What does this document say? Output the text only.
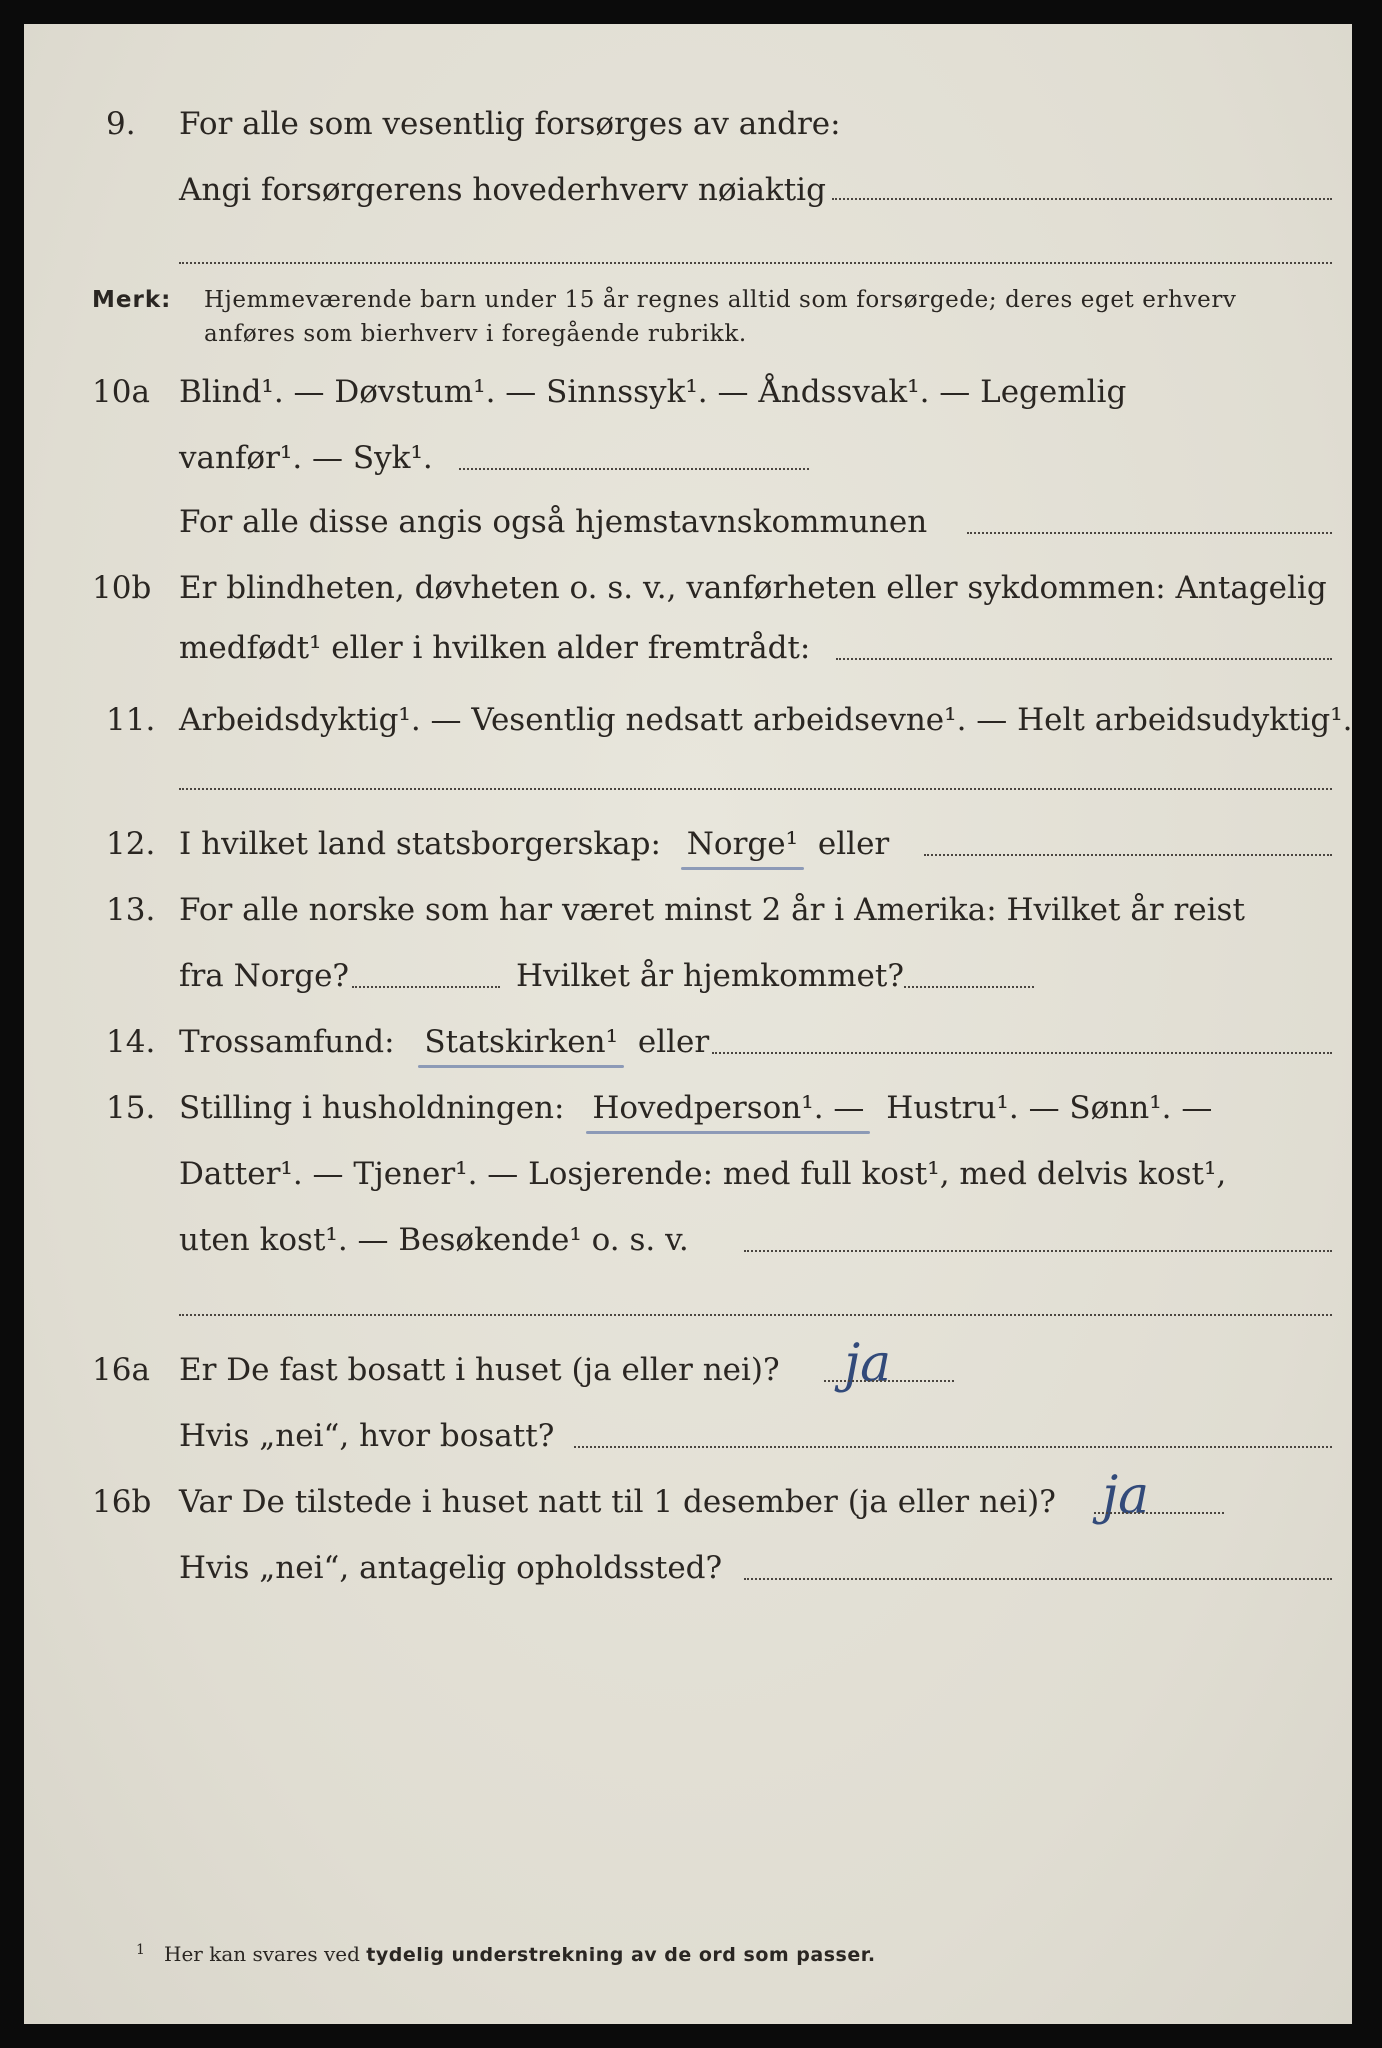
9. For alle som vesentlig forsørges av andre:
Angi forsørgerens hovederhverv nøiaktig
Merk: Hjemmeværende barn under 15 år regnes alltid som forsørgede; deres eget erhverv
anføres som bierhverv i foregående rubrikk.
10a Blind¹. — Døvstum¹. — Sinnssyk¹. — Åndssvak¹. — Legemlig
vanfør¹. — Syk¹.
For alle disse angis også hjemstavnskommunen
10b Er blindheten, døvheten o. s. v., vanførheten eller sykdommen: Antagelig
medfødt¹ eller i hvilken alder fremtrådt:
11. Arbeidsdyktig¹. — Vesentlig nedsatt arbeidsevne¹. — Helt arbeidsudyktig¹.
12. I hvilket land statsborgerskap: Norge¹ eller
13. For alle norske som har været minst 2 år i Amerika: Hvilket år reist
fra Norge?	Hvilket år hjemkommet?
14. Trossamfund: Statskirken¹ eller
15. Stilling i husholdningen: Hovedperson¹. — Hustru¹. — Sønn¹. —
Datter¹. — Tjener¹. — Losjerende: med full kost¹, med delvis kost¹,
uten kost¹. — Besøkende¹ o. s. v.
16a Er De fast bosatt i huset (ja eller nei)? ja
Hvis „nei“, hvor bosatt?
16b Var De tilstede i huset natt til 1 desember (ja eller nei)? ja
Hvis „nei“, antagelig opholdssted?
1 Her kan svares ved tydelig understrekning av de ord som passer.
